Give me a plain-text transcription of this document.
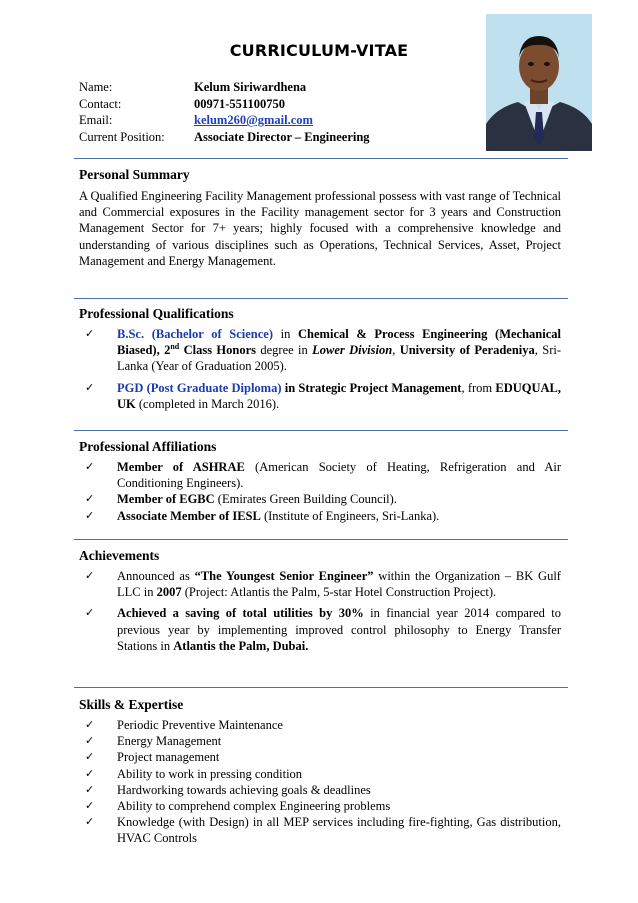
CURRICULUM-VITAE
Name:	Kelum Siriwardhena
Contact:	00971-551100750
Email:	kelum260@gmail.com
Current Position:	Associate Director – Engineering

Personal Summary

A Qualified Engineering Facility Management professional possess with vast range of Technical and Commercial exposures in the Facility management sector for 3 years and Construction Management Sector for 7+ years; highly focused with a comprehensive knowledge and understanding of various disciplines such as Operations, Technical Services, Asset, Project Management and Energy Management.

Professional Qualifications

✓ B.Sc. (Bachelor of Science) in Chemical & Process Engineering (Mechanical Biased), 2nd Class Honors degree in Lower Division, University of Peradeniya, Sri-Lanka (Year of Graduation 2005).
✓ PGD (Post Graduate Diploma) in Strategic Project Management, from EDUQUAL, UK (completed in March 2016).

Professional Affiliations

✓ Member of ASHRAE (American Society of Heating, Refrigeration and Air Conditioning Engineers).
✓ Member of EGBC (Emirates Green Building Council).
✓ Associate Member of IESL (Institute of Engineers, Sri-Lanka).

Achievements

✓ Announced as “The Youngest Senior Engineer” within the Organization – BK Gulf LLC in 2007 (Project: Atlantis the Palm, 5-star Hotel Construction Project).
✓ Achieved a saving of total utilities by 30% in financial year 2014 compared to previous year by implementing improved control philosophy to Energy Transfer Stations in Atlantis the Palm, Dubai.

Skills & Expertise

✓ Periodic Preventive Maintenance
✓ Energy Management
✓ Project management
✓ Ability to work in pressing condition
✓ Hardworking towards achieving goals & deadlines
✓ Ability to comprehend complex Engineering problems
✓ Knowledge (with Design) in all MEP services including fire-fighting, Gas distribution, HVAC Controls
